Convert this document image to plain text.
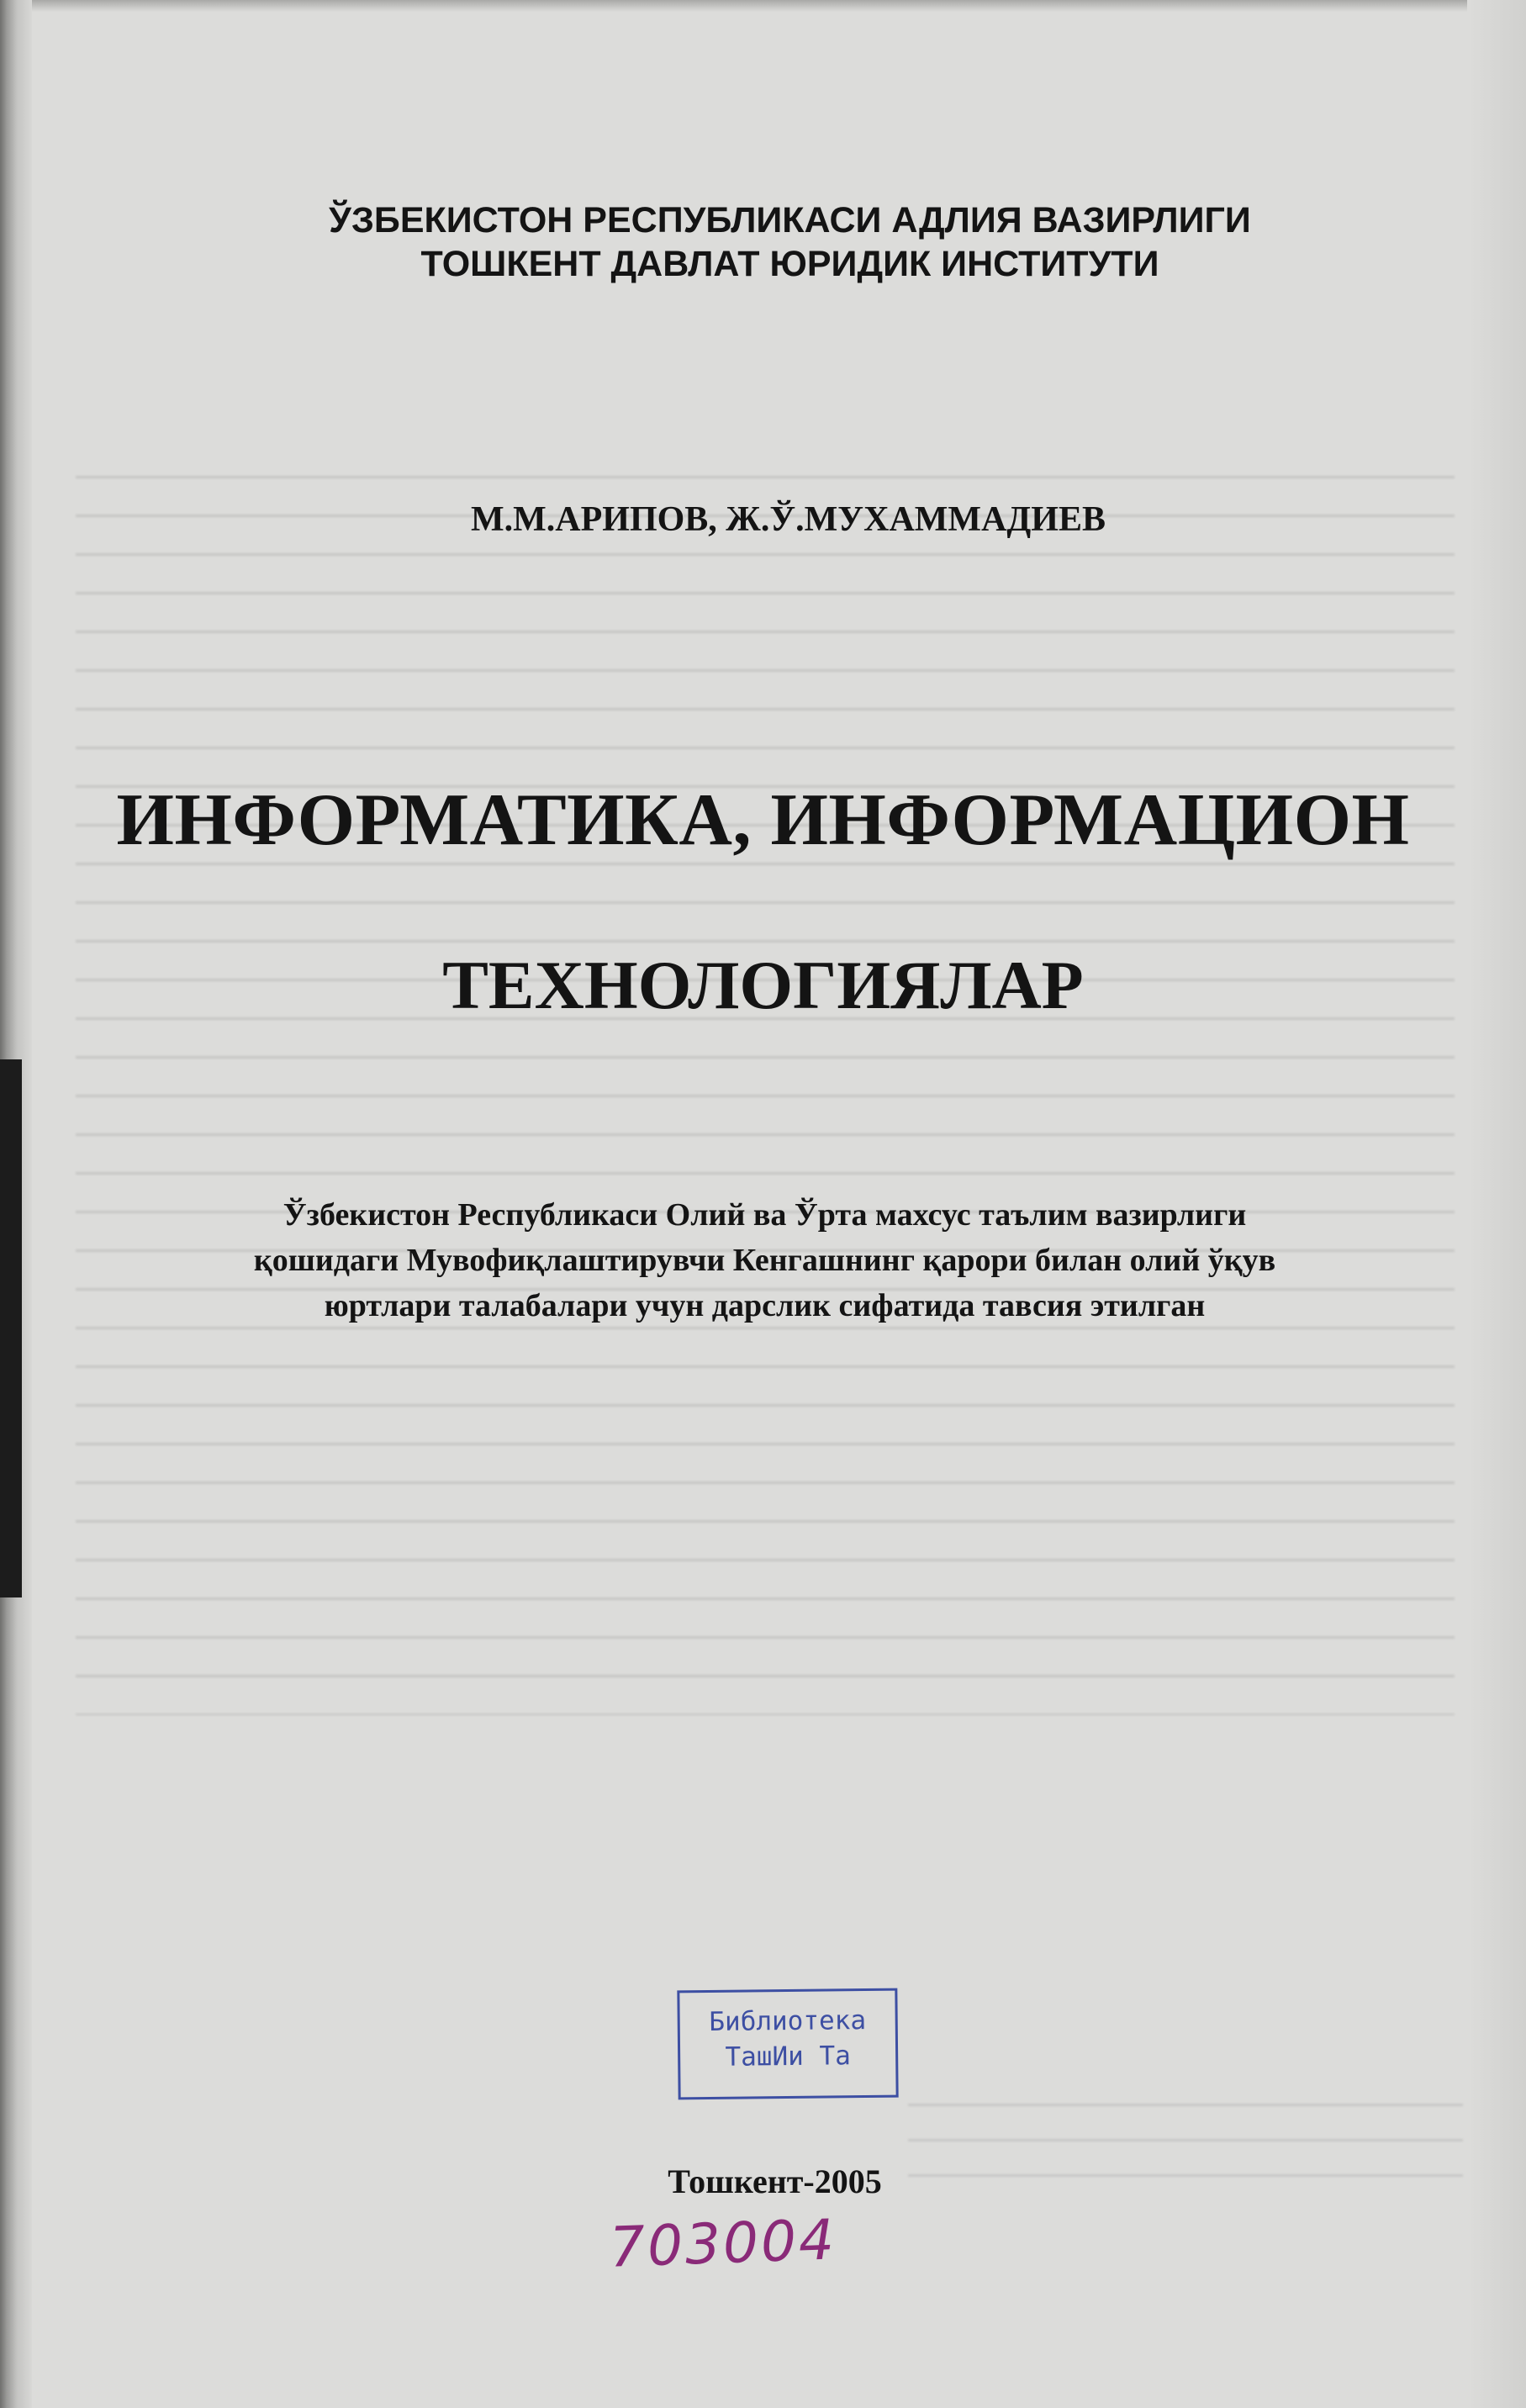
ЎЗБЕКИСТОН РЕСПУБЛИКАСИ АДЛИЯ ВАЗИРЛИГИ
ТОШКЕНТ ДАВЛАТ ЮРИДИК ИНСТИТУТИ
М.М.АРИПОВ, Ж.Ў.МУХАММАДИЕВ
ИНФОРМАТИКА, ИНФОРМАЦИОН
ТЕХНОЛОГИЯЛАР
Ўзбекистон Республикаси Олий ва Ўрта махсус таълим вазирлиги
қошидаги Мувофиқлаштирувчи Кенгашнинг қарори билан олий ўқув
юртлари талабалари учун дарслик сифатида тавсия этилган
Библиотека
ТашИи Та
Тошкент-2005
703004
